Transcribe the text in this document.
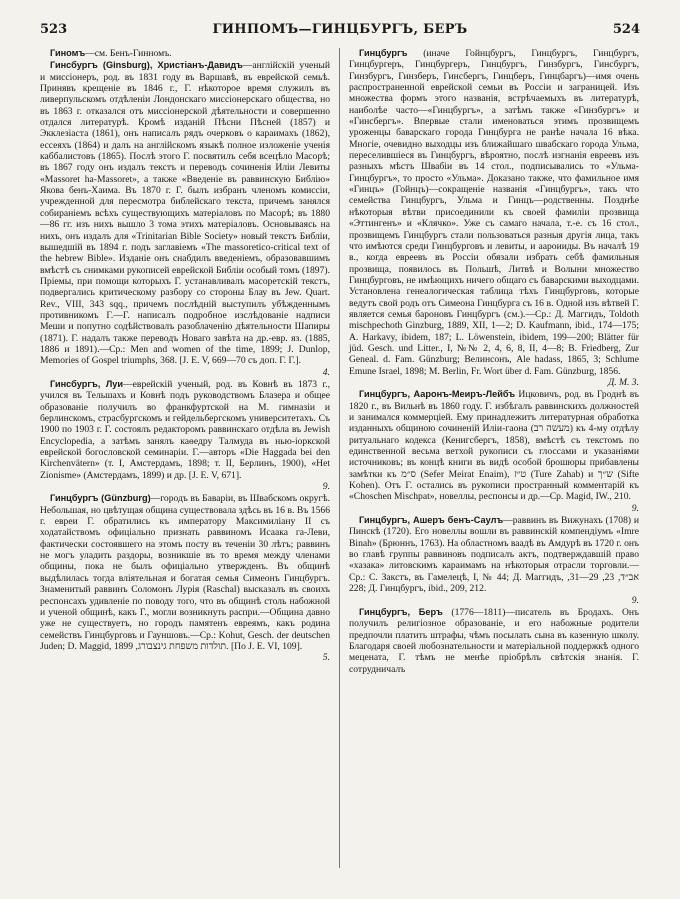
523	ГИНПОМЪ—ГИНЦБУРГЪ, БЕРЪ	524

Гиномъ—см. Бенъ-Гинномъ.

Гинсбургъ (Ginsburg), Христіанъ-Давидъ—англійскій ученый и миссіонеръ, род. въ 1831 году въ Варшавѣ, въ еврейской семьѣ. Принявъ крещеніе въ 1846 г., Г. нѣкоторое время служилъ въ ливерпульскомъ отдѣленіи Лондонскаго миссіонерскаго общества, но въ 1863 г. отказался отъ миссіонерской дѣятельности и совершенно отдался литературѣ. Кромѣ изданій Пѣсни Пѣсней (1857) и Экклезіаста (1861), онъ написалъ рядъ очерковъ о караимахъ (1862), ессеяхъ (1864) и далъ на англійскомъ языкѣ полное изложеніе ученія каббалистовъ (1865). Послѣ этого Г. посвятилъ себя всецѣло Масорѣ; въ 1867 году онъ издалъ текстъ и переводъ сочиненія Иліи Левиты «Massoret ha-Massoret», а также «Введеніе въ раввинскую Библію» Якова бенъ-Хаима. Въ 1870 г. Г. былъ избранъ членомъ комиссіи, учрежденной для пересмотра библейскаго текста, причемъ занялся собираніемъ всѣхъ существующихъ матеріаловъ по Масорѣ; въ 1880—86 гг. изъ нихъ вышло 3 тома этихъ матеріаловъ. Основываясь на нихъ, онъ издалъ для «Trinitarian Bible Society» новый текстъ Библіи, вышедшій въ 1894 г. подъ заглавіемъ «The massoretico-critical text of the hebrew Bible». Изданіе онъ снабдилъ введеніемъ, образовавшимъ вмѣстѣ съ снимками рукописей еврейской Библіи особый томъ (1897). Пріемы, при помощи которыхъ Г. устанавливалъ масоретскій текстъ, подвергались критическому разбору со стороны Блау въ Jew. Quart. Rev., VIII, 343 sqq., причемъ послѣдній выступилъ убѣжденнымъ противникомъ Г.—Г. написалъ подробное изслѣдованіе надписи Меши и попутно содѣйствовалъ разоблаченію дѣятельности Шапиры (1871). Г. надалъ также переводъ Новаго завѣта на др.-евр. яз. (1885, 1886 и 1891).—Ср.: Men and women of the time, 1899; J. Dunlop, Memories of Gospel triumphs, 368. [J. E. V, 669—70 съ доп. Г. Г.].
4.

Гинсбургъ, Луи—еврейскій ученый, род. въ Ковнѣ въ 1873 г., учился въ Тельшахъ и Ковнѣ подъ руководствомъ Блазера и общее образованіе получилъ во франкфуртской на М. гимназіи и берлинскомъ, страсбургскомъ и гейдельбергскомъ университетахъ. Съ 1900 по 1903 г. Г. состоялъ редакторомъ раввинскаго отдѣла въ Jewish Encyclopedia, а затѣмъ занялъ каѳедру Талмуда въ нью-іоркской еврейской богословской семинаріи. Г.—авторъ «Die Haggada bei den Kirchenvätern» (т. I, Амстердамъ, 1898; т. II, Берлинъ, 1900), «Het Zionisme» (Амстердамъ, 1899) и др. [J. E. V, 671].
9.

Гинцбургъ (Günzburg)—городъ въ Баваріи, въ Швабскомъ округѣ. Небольшая, но цвѣтущая община существовала здѣсь въ 16 в. Въ 1566 г. евреи Г. обратились къ императору Максимиліану II съ ходатайствомъ офиціально признать раввиномъ Исаака га-Леви, фактически состоявшего на этомъ посту въ теченіи 30 лѣтъ; раввинъ не могъ уладить раздоры, возникшіе въ то время между членами общины, пока не былъ офиціально утвержденъ. Въ общинѣ выдѣлилась тогда влiятельная и богатая семья Симеонъ Гинцбургъ. Знаменитый раввинъ Соломонъ Лурія (Raschal) высказалъ въ своихъ респонсахъ удивленіе по поводу того, что въ общинѣ столь набожной и ученой общинѣ, какъ Г., могли возникнуть распри.—Община давно уже не существуетъ, но городъ памятенъ евреямъ, какъ родина семействъ Гинцбурговъ и Гауншовъ.—Ср.: Kohut, Gesch. der deutschen Juden; D. Maggid, תולדות משפחת גינצבורג, 1899. [По J. E. VI, 109].
5.

Гинцбургъ (иначе Гойнцбургъ, Гинцбургъ, Гинцбургъ, Гинцбургеръ, Гинцбургеръ, Гинцбургъ, Гинзбургъ, Гинсбургъ, Гинзбургъ, Гинзберъ, Гинсбергъ, Гинцберъ, Гинцбаргъ)—имя очень распространенной еврейской семьи въ Россіи и заграницей. Изъ множества формъ этого названія, встрѣчаемыхъ въ литературѣ, наиболѣе часто—«Гинцбургъ», а затѣмъ также «Гинзбургъ» и «Гинсбергъ». Впервые стали именоваться этимъ прозвищемъ уроженцы баварскаго города Гинцбурга не ранѣе начала 16 вѣка. Многіе, очевидно выходцы изъ ближайшаго швабскаго города Ульма, переселившіеся въ Гинцбургъ, вѣроятно, послѣ изгнанія евреевъ изъ разныхъ мѣстъ Швабіи въ 14 стол., подписывались то «Ульма-Гинцбургъ», то просто «Ульма». Доказано также, что фамильное имя «Гинцъ» (Гойнцъ)—сокращеніе названія «Гинцбургъ», такъ что семейства Гинцбургъ, Ульма и Гинцъ—родственны. Позднѣе нѣкоторыя вѣтви присоединили къ своей фамиліи прозвища «Эттингенъ» и «Клячко». Уже съ самаго начала, т.-е. съ 16 стол., прозвищемъ Гинцбургъ стали пользоваться разныя другія лица, такъ что имѣются среди Гинцбурговъ и левиты, и аароииды. Въ началѣ 19 в., когда евреевъ въ Россіи обязали избрать себѣ фамильныя прозвища, появилось въ Польшѣ, Литвѣ и Волыни множество Гинцбурговъ, не имѣющихъ ничего общаго съ баварскими выходцами. Установлена генеалогическая таблица тѣхъ Гинцбурговъ, которые ведутъ свой родъ отъ Симеона Гинцбурга съ 16 в. Одной изъ вѣтвей Г. является семья бароновъ Гинцбургъ (см.).—Ср.: Д. Маггидъ, Toldoth mischpechoth Ginzburg, 1889, XII, 1—2; D. Kaufmann, ibid., 174—175; A. Harkavy, ibidem, 187; L. Löwenstein, ibidem, 199—200; Blätter für jüd. Gesch. und Litter., I, №№ 2, 4, 6, 8, II, 4—8; B. Friedberg, Zur Geneal. d. Fam. Günzburg; Велинсонъ, Ale hadass, 1865, 3; Schlume Emune Israel, 1898; M. Berlin, Fr. Wort über d. Fam. Günzburg, 1856.
Д. М. 3.

Гинцбургъ, Ааронъ-Меиръ-Лейбъ Ицковичъ, род. въ Гроднѣ въ 1820 г., въ Вильнѣ въ 1860 году. Г. избѣгалъ раввинскихъ должностей и занимался коммерціей. Ему принадлежитъ литературная обработка изданныхъ общиною сочиненій Иліи-гаона (מעשה רב) къ 4-му отдѣлу ритуальнаго кодекса (Кенигсбергъ, 1858), вмѣстѣ съ текстомъ по единственной весьма ветхой рукописи съ глоссами и указаніями источниковъ; въ концѣ книги въ видѣ особой брошюры прибавлены замѣтки къ ס״מ (Sefer Meirat Enaim), ט״ז (Ture Zahab) и ש״ך (Sifte Kohen). Отъ Г. остались въ рукописи пространный комментарій къ «Choschen Mischpat», новеллы, респонсы и др.—Ср. Magid, IW., 210.
9.

Гинцбургъ, Ашеръ бенъ-Саулъ—раввинъ въ Вижунахъ (1708) и Пинскѣ (1720). Его новеллы вошли въ раввинскій компендіумъ «Imre Binah» (Брюннъ, 1763). На областномъ ваадѣ въ Амдурѣ въ 1720 г. онъ во главѣ группы раввиновъ подписалъ актъ, подтверждавшій право «хазака» литовскимъ караимамъ на нѣкоторыя отрасли торговли.—Ср.: С. Закстъ, въ Гамелецѣ, I, № 44; Д. Маггидъ, אב״ד, 23, 29—31, 228; Д. Гинцбургъ, ibid., 209, 212.
9.

Гинцбургъ, Беръ (1776—1811)—писатель въ Бродахъ. Онъ получилъ религіозное образованіе, и его набожные родители предпочли платить штрафы, чѣмъ посылать сына въ казенную школу. Благодаря своей любознательности и матеріальной поддержкѣ одного мецената, Г. тѣмъ не менѣе пріобрѣлъ свѣтскія знанія. Г. сотрудничалъ
